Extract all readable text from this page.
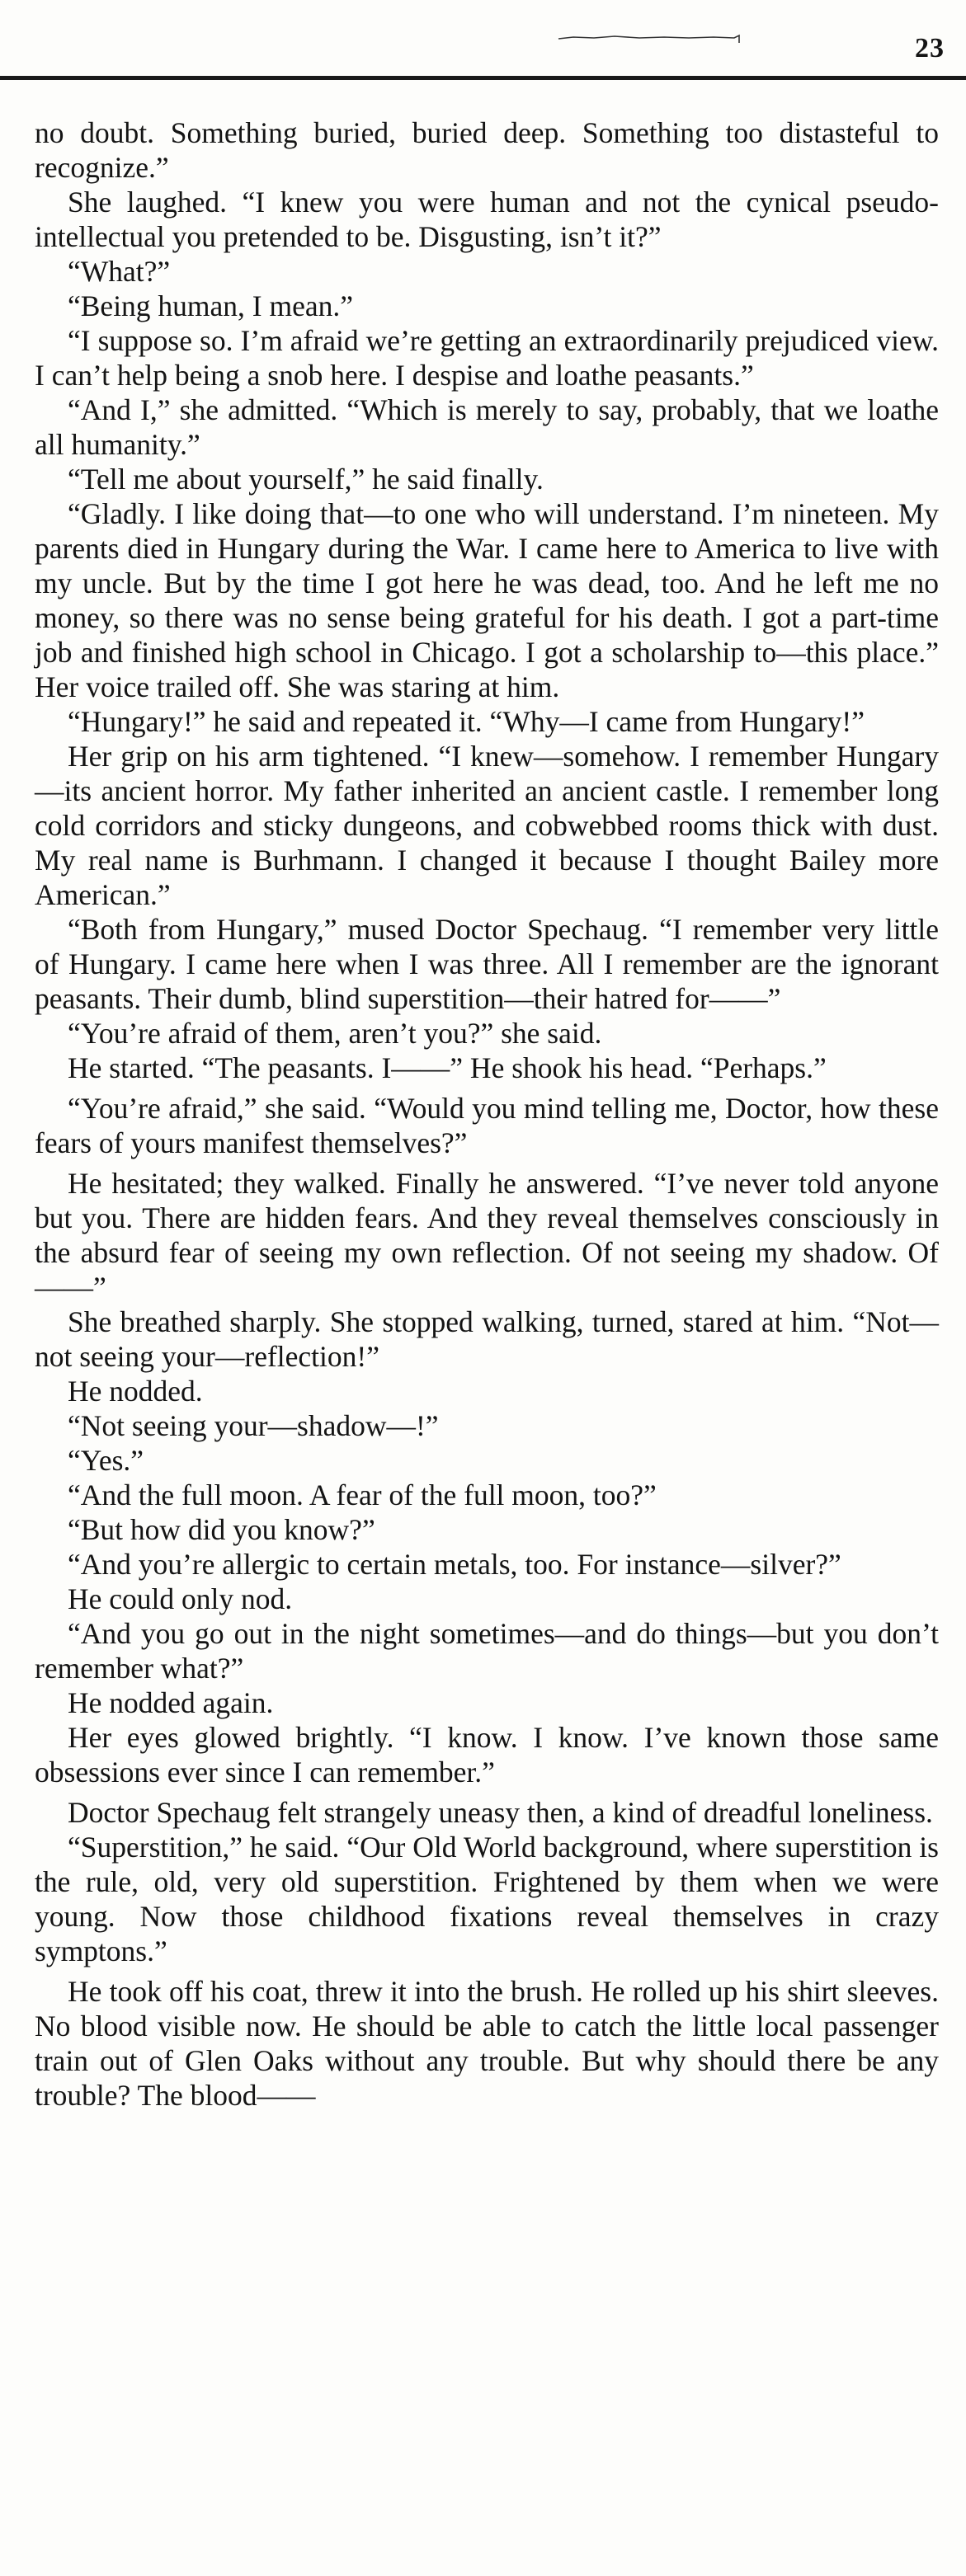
23

no doubt. Something buried, buried deep. Something too distasteful to recognize.”

She laughed. “I knew you were human and not the cynical pseudo-intellectual you pretended to be. Disgusting, isn’t it?”

“What?”

“Being human, I mean.”

“I suppose so. I’m afraid we’re getting an extraordinarily prejudiced view. I can’t help being a snob here. I despise and loathe peasants.”

“And I,” she admitted. “Which is merely to say, probably, that we loathe all humanity.”

“Tell me about yourself,” he said finally.

“Gladly. I like doing that—to one who will understand. I’m nineteen. My parents died in Hungary during the War. I came here to America to live with my uncle. But by the time I got here he was dead, too. And he left me no money, so there was no sense being grateful for his death. I got a part-time job and finished high school in Chicago. I got a scholarship to—this place.” Her voice trailed off. She was staring at him.

“Hungary!” he said and repeated it. “Why—I came from Hungary!”

Her grip on his arm tightened. “I knew—somehow. I remember Hungary—its ancient horror. My father inherited an ancient castle. I remember long cold corridors and sticky dungeons, and cobwebbed rooms thick with dust. My real name is Burhmann. I changed it because I thought Bailey more American.”

“Both from Hungary,” mused Doctor Spechaug. “I remember very little of Hungary. I came here when I was three. All I remember are the ignorant peasants. Their dumb, blind superstition—their hatred for——”

“You’re afraid of them, aren’t you?” she said.

He started. “The peasants. I——” He shook his head. “Perhaps.”

“You’re afraid,” she said. “Would you mind telling me, Doctor, how these fears of yours manifest themselves?”

He hesitated; they walked. Finally he answered. “I’ve never told anyone but you. There are hidden fears. And they reveal themselves consciously in the absurd fear of seeing my own reflection. Of not seeing my shadow. Of——”

She breathed sharply. She stopped walking, turned, stared at him. “Not—not seeing your—reflection!”

He nodded.

“Not seeing your—shadow—!”

“Yes.”

“And the full moon. A fear of the full moon, too?”

“But how did you know?”

“And you’re allergic to certain metals, too. For instance—silver?”

He could only nod.

“And you go out in the night sometimes—and do things—but you don’t remember what?”

He nodded again.

Her eyes glowed brightly. “I know. I know. I’ve known those same obsessions ever since I can remember.”

Doctor Spechaug felt strangely uneasy then, a kind of dreadful loneliness.

“Superstition,” he said. “Our Old World background, where superstition is the rule, old, very old superstition. Frightened by them when we were young. Now those childhood fixations reveal themselves in crazy symptons.”

He took off his coat, threw it into the brush. He rolled up his shirt sleeves. No blood visible now. He should be able to catch the little local passenger train out of Glen Oaks without any trouble. But why should there be any trouble? The blood——
